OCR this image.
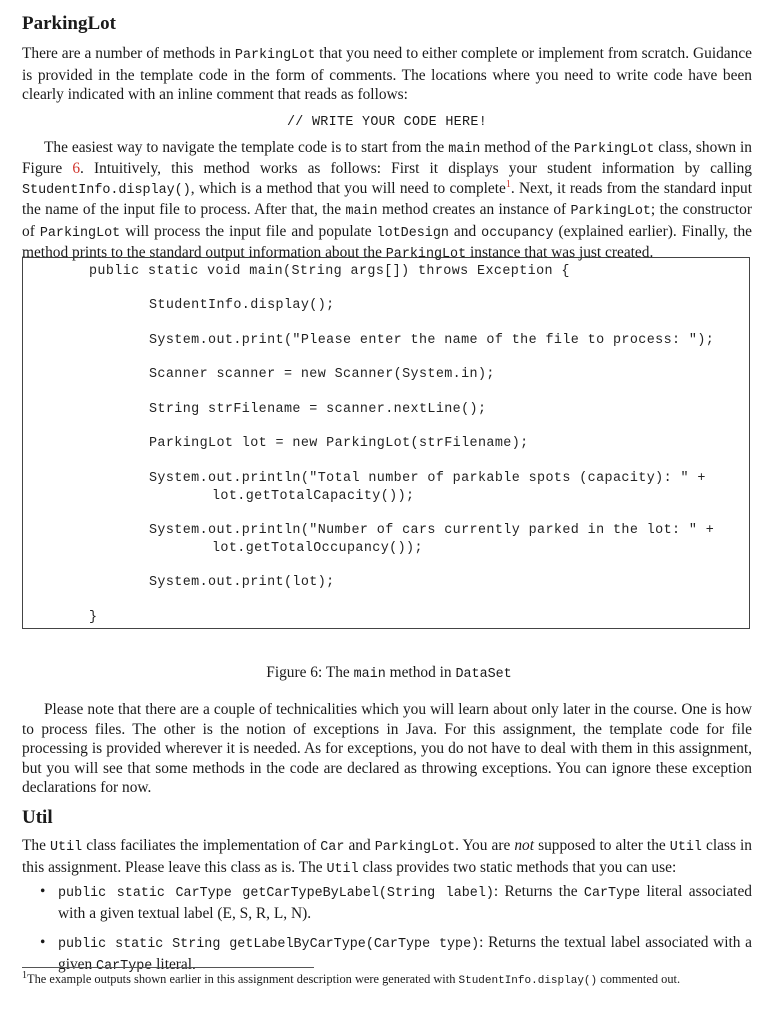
ParkingLot

There are a number of methods in ParkingLot that you need to either complete or implement from scratch. Guidance is provided in the template code in the form of comments. The locations where you need to write code have been clearly indicated with an inline comment that reads as follows:

// WRITE YOUR CODE HERE!

The easiest way to navigate the template code is to start from the main method of the ParkingLot class, shown in Figure 6. Intuitively, this method works as follows: First it displays your student information by calling StudentInfo.display(), which is a method that you will need to complete$^1$. Next, it reads from the standard input the name of the input file to process. After that, the main method creates an instance of ParkingLot; the constructor of ParkingLot will process the input file and populate lotDesign and occupancy (explained earlier). Finally, the method prints to the standard output information about the ParkingLot instance that was just created.

public static void main(String args[]) throws Exception {
StudentInfo.display();
System.out.print("Please enter the name of the file to process: ");
Scanner scanner = new Scanner(System.in);
String strFilename = scanner.nextLine();
ParkingLot lot = new ParkingLot(strFilename);
System.out.println("Total number of parkable spots (capacity): " +
lot.getTotalCapacity());
System.out.println("Number of cars currently parked in the lot: " +
lot.getTotalOccupancy());
System.out.print(lot);
}
Figure 6: The main method in DataSet

Please note that there are a couple of technicalities which you will learn about only later in the course. One is how to process files. The other is the notion of exceptions in Java. For this assignment, the template code for file processing is provided wherever it is needed. As for exceptions, you do not have to deal with them in this assignment, but you will see that some methods in the code are declared as throwing exceptions. You can ignore these exception declarations for now.

Util

The Util class faciliates the implementation of Car and ParkingLot. You are not supposed to alter the Util class in this assignment. Please leave this class as is. The Util class provides two static methods that you can use:

• public static CarType getCarTypeByLabel(String label): Returns the CarType literal associated with a given textual label (E, S, R, L, N).
• public static String getLabelByCarType(CarType type): Returns the textual label associated with a given CarType literal.
$^1$The example outputs shown earlier in this assignment description were generated with StudentInfo.display() commented out.
